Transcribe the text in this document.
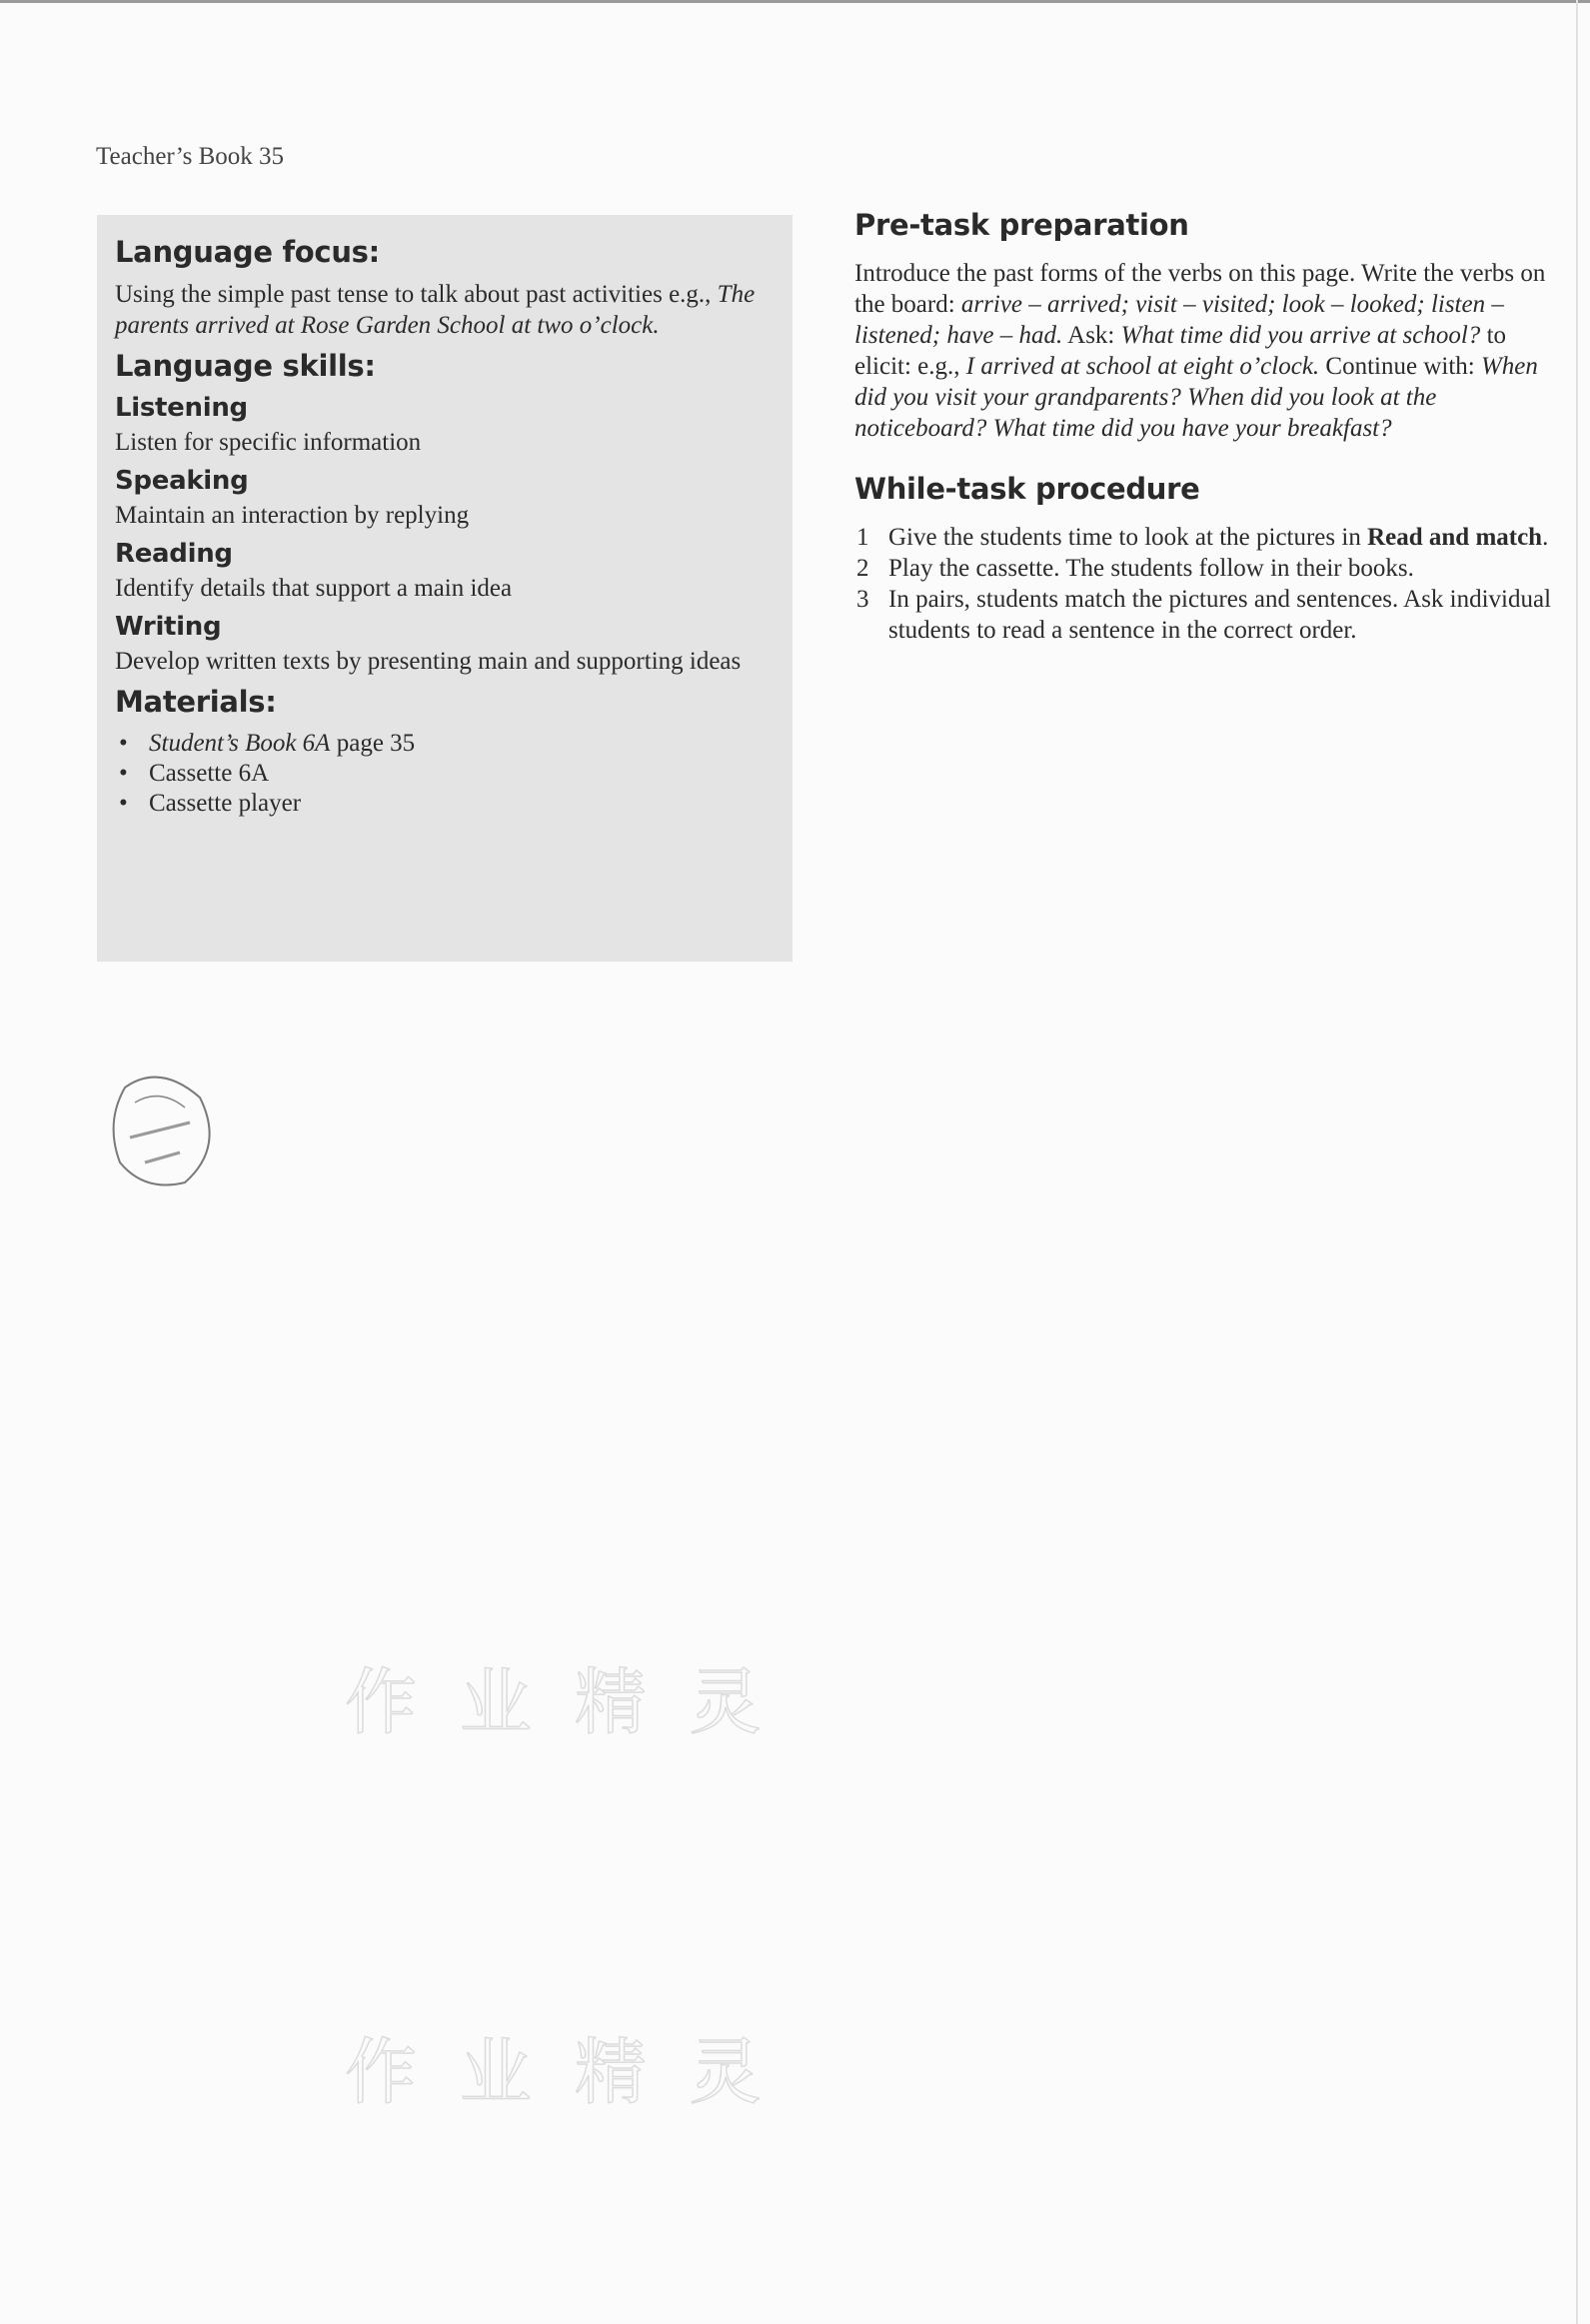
Teacher’s Book 35
Language focus:

Using the simple past tense to talk about past activities e.g., The parents arrived at Rose Garden School at two o’clock.

Language skills:
Listening

Listen for specific information

Speaking

Maintain an interaction by replying

Reading

Identify details that support a main idea

Writing

Develop written texts by presenting main and supporting ideas

Materials:
• Student’s Book 6A page 35
• Cassette 6A
• Cassette player
Pre-task preparation

Introduce the past forms of the verbs on this page. Write the verbs on the board: arrive – arrived; visit – visited; look – looked; listen – listened; have – had. Ask: What time did you arrive at school? to elicit: e.g., I arrived at school at eight o’clock. Continue with: When did you visit your grandparents? When did you look at the noticeboard? What time did you have your breakfast?

While-task procedure
1 Give the students time to look at the pictures in Read and match.
2 Play the cassette. The students follow in their books.
3 In pairs, students match the pictures and sentences. Ask individual students to read a sentence in the correct order.
作 业 精 灵
作 业 精 灵
